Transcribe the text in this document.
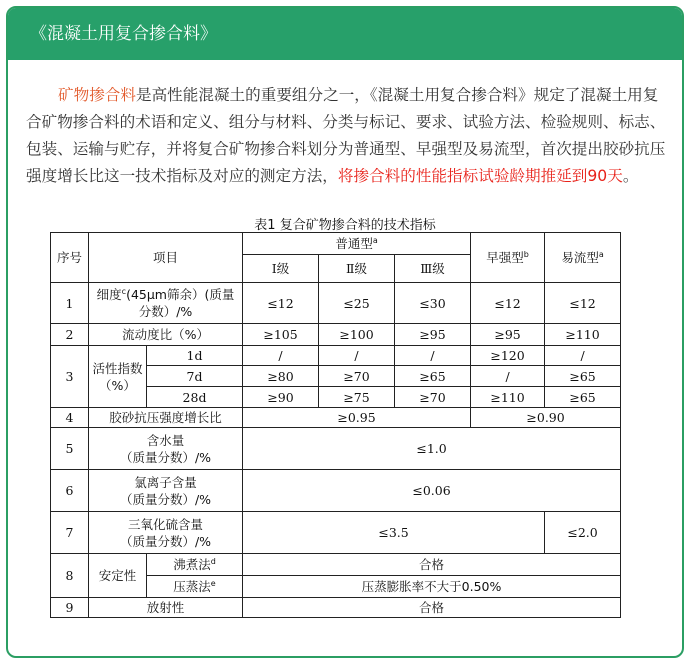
《混凝土用复合掺合料》
矿物掺合料是高性能混凝土的重要组分之一，《混凝土用复合掺合料》规定了混凝土用复合矿物掺合料的术语和定义、组分与材料、分类与标记、要求、试验方法、检验规则、标志、包装、运输与贮存，并将复合矿物掺合料划分为普通型、早强型及易流型，首次提出胶砂抗压强度增长比这一技术指标及对应的测定方法，将掺合料的性能指标试验龄期推延到90天。
表1 复合矿物掺合料的技术指标
序号	项目		普通型$^a$			早强型$^b$	易流型$^a$
			Ⅰ级	Ⅱ级	Ⅲ级		
1	细度$^c$(45μm筛余）(质量分数）/%		≤12	≤25	≤30	≤12	≤12
2	流动度比（%）		≥105	≥100	≥95	≥95	≥110
3	活性指数（%）	1d	/	/	/	≥120	/
		7d	≥80	≥70	≥65	/	≥65
		28d	≥90	≥75	≥70	≥110	≥65
4	胶砂抗压强度增长比		≥0.95			≥0.90	
5	含水量
（质量分数）/%		≤1.0				
6	氯离子含量
（质量分数）/%		≤0.06				
7	三氧化硫含量
（质量分数）/%		≤3.5				≤2.0
8	安定性	沸煮法$^d$	合格				
		压蒸法$^e$	压蒸膨胀率不大于0.50%				
9	放射性		合格				
